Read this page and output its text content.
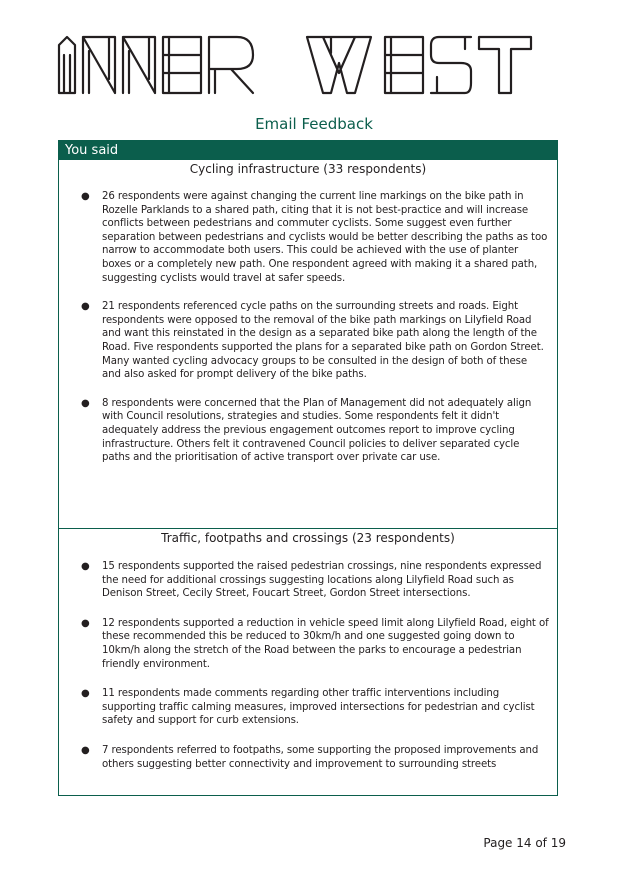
Email Feedback
You said
Cycling infrastructure (33 respondents)
● 26 respondents were against changing the current line markings on the bike path in Rozelle Parklands to a shared path, citing that it is not best-practice and will increase conflicts between pedestrians and commuter cyclists. Some suggest even further separation between pedestrians and cyclists would be better describing the paths as too narrow to accommodate both users. This could be achieved with the use of planter boxes or a completely new path. One respondent agreed with making it a shared path, suggesting cyclists would travel at safer speeds.
● 21 respondents referenced cycle paths on the surrounding streets and roads. Eight respondents were opposed to the removal of the bike path markings on Lilyfield Road and want this reinstated in the design as a separated bike path along the length of the Road. Five respondents supported the plans for a separated bike path on Gordon Street. Many wanted cycling advocacy groups to be consulted in the design of both of these and also asked for prompt delivery of the bike paths.
● 8 respondents were concerned that the Plan of Management did not adequately align with Council resolutions, strategies and studies. Some respondents felt it didn't adequately address the previous engagement outcomes report to improve cycling infrastructure. Others felt it contravened Council policies to deliver separated cycle paths and the prioritisation of active transport over private car use.
Traffic, footpaths and crossings (23 respondents)
● 15 respondents supported the raised pedestrian crossings, nine respondents expressed the need for additional crossings suggesting locations along Lilyfield Road such as Denison Street, Cecily Street, Foucart Street, Gordon Street intersections.
● 12 respondents supported a reduction in vehicle speed limit along Lilyfield Road, eight of these recommended this be reduced to 30km/h and one suggested going down to 10km/h along the stretch of the Road between the parks to encourage a pedestrian friendly environment.
● 11 respondents made comments regarding other traffic interventions including supporting traffic calming measures, improved intersections for pedestrian and cyclist safety and support for curb extensions.
● 7 respondents referred to footpaths, some supporting the proposed improvements and others suggesting better connectivity and improvement to surrounding streets
Page 14 of 19
